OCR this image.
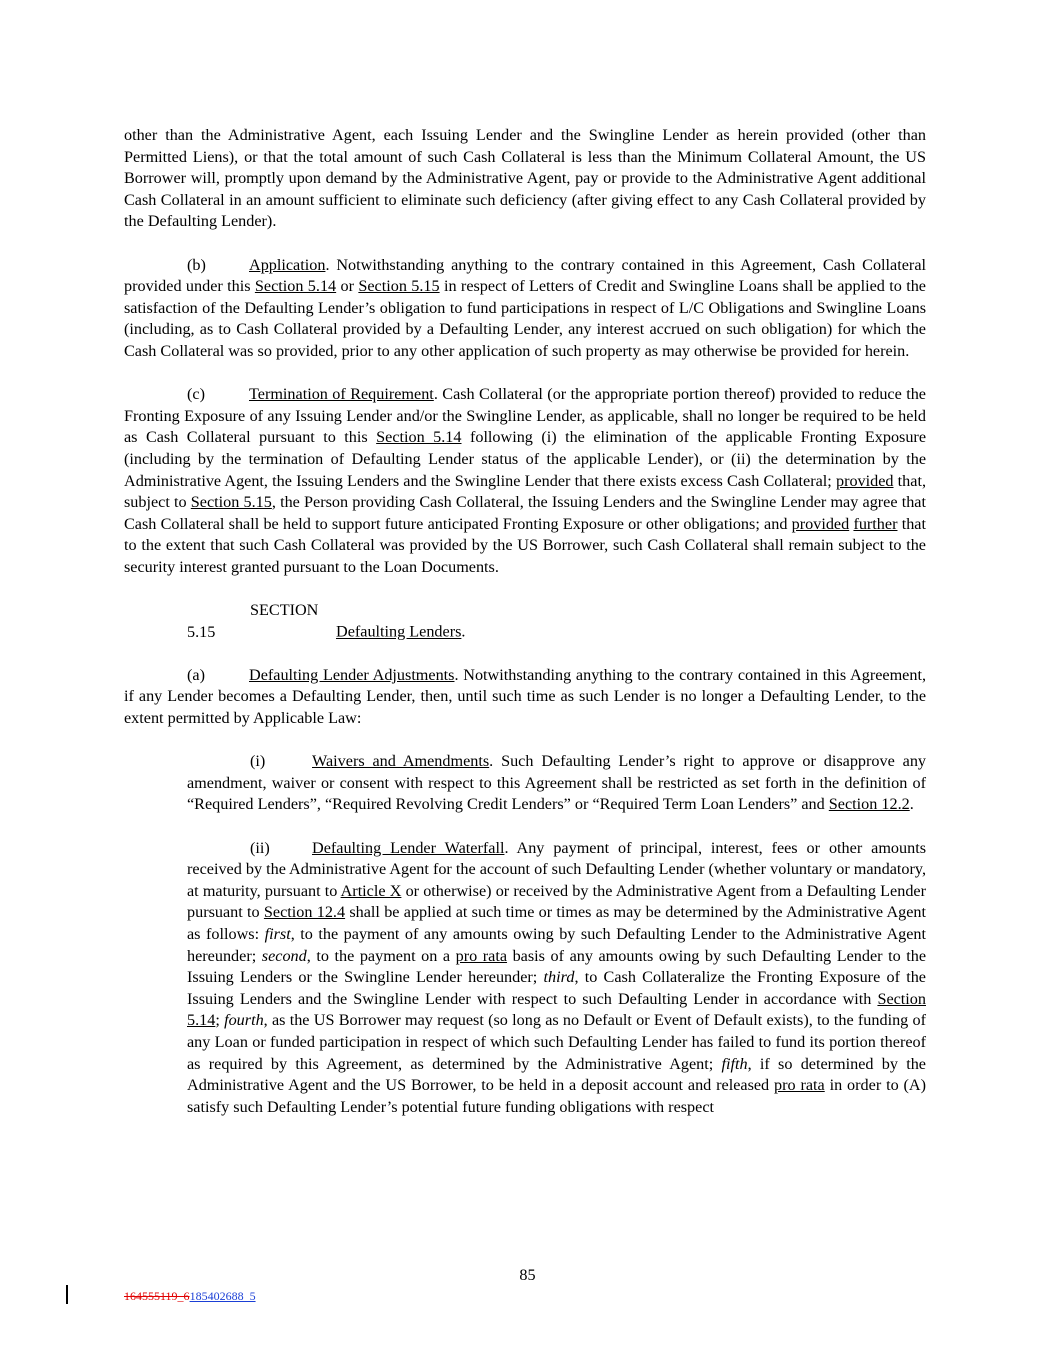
other than the Administrative Agent, each Issuing Lender and the Swingline Lender as herein provided (other than Permitted Liens), or that the total amount of such Cash Collateral is less than the Minimum Collateral Amount, the US Borrower will, promptly upon demand by the Administrative Agent, pay or provide to the Administrative Agent additional Cash Collateral in an amount sufficient to eliminate such deficiency (after giving effect to any Cash Collateral provided by the Defaulting Lender).

(b)	Application. Notwithstanding anything to the contrary contained in this Agreement, Cash Collateral provided under this Section 5.14 or Section 5.15 in respect of Letters of Credit and Swingline Loans shall be applied to the satisfaction of the Defaulting Lender’s obligation to fund participations in respect of L/C Obligations and Swingline Loans (including, as to Cash Collateral provided by a Defaulting Lender, any interest accrued on such obligation) for which the Cash Collateral was so provided, prior to any other application of such property as may otherwise be provided for herein.

(c)	Termination of Requirement. Cash Collateral (or the appropriate portion thereof) provided to reduce the Fronting Exposure of any Issuing Lender and/or the Swingline Lender, as applicable, shall no longer be required to be held as Cash Collateral pursuant to this Section 5.14 following (i) the elimination of the applicable Fronting Exposure (including by the termination of Defaulting Lender status of the applicable Lender), or (ii) the determination by the Administrative Agent, the Issuing Lenders and the Swingline Lender that there exists excess Cash Collateral; provided that, subject to Section 5.15, the Person providing Cash Collateral, the Issuing Lenders and the Swingline Lender may agree that Cash Collateral shall be held to support future anticipated Fronting Exposure or other obligations; and provided further that to the extent that such Cash Collateral was provided by the US Borrower, such Cash Collateral shall remain subject to the security interest granted pursuant to the Loan Documents.

SECTION 5.15	Defaulting Lenders.

(a)	Defaulting Lender Adjustments. Notwithstanding anything to the contrary contained in this Agreement, if any Lender becomes a Defaulting Lender, then, until such time as such Lender is no longer a Defaulting Lender, to the extent permitted by Applicable Law:

(i)	Waivers and Amendments. Such Defaulting Lender’s right to approve or disapprove any amendment, waiver or consent with respect to this Agreement shall be restricted as set forth in the definition of “Required Lenders”, “Required Revolving Credit Lenders” or “Required Term Loan Lenders” and Section 12.2.

(ii)	Defaulting Lender Waterfall. Any payment of principal, interest, fees or other amounts received by the Administrative Agent for the account of such Defaulting Lender (whether voluntary or mandatory, at maturity, pursuant to Article X or otherwise) or received by the Administrative Agent from a Defaulting Lender pursuant to Section 12.4 shall be applied at such time or times as may be determined by the Administrative Agent as follows: first, to the payment of any amounts owing by such Defaulting Lender to the Administrative Agent hereunder; second, to the payment on a pro rata basis of any amounts owing by such Defaulting Lender to the Issuing Lenders or the Swingline Lender hereunder; third, to Cash Collateralize the Fronting Exposure of the Issuing Lenders and the Swingline Lender with respect to such Defaulting Lender in accordance with Section 5.14; fourth, as the US Borrower may request (so long as no Default or Event of Default exists), to the funding of any Loan or funded participation in respect of which such Defaulting Lender has failed to fund its portion thereof as required by this Agreement, as determined by the Administrative Agent; fifth, if so determined by the Administrative Agent and the US Borrower, to be held in a deposit account and released pro rata in order to (A) satisfy such Defaulting Lender’s potential future funding obligations with respect

85
164555119_6185402688_5
